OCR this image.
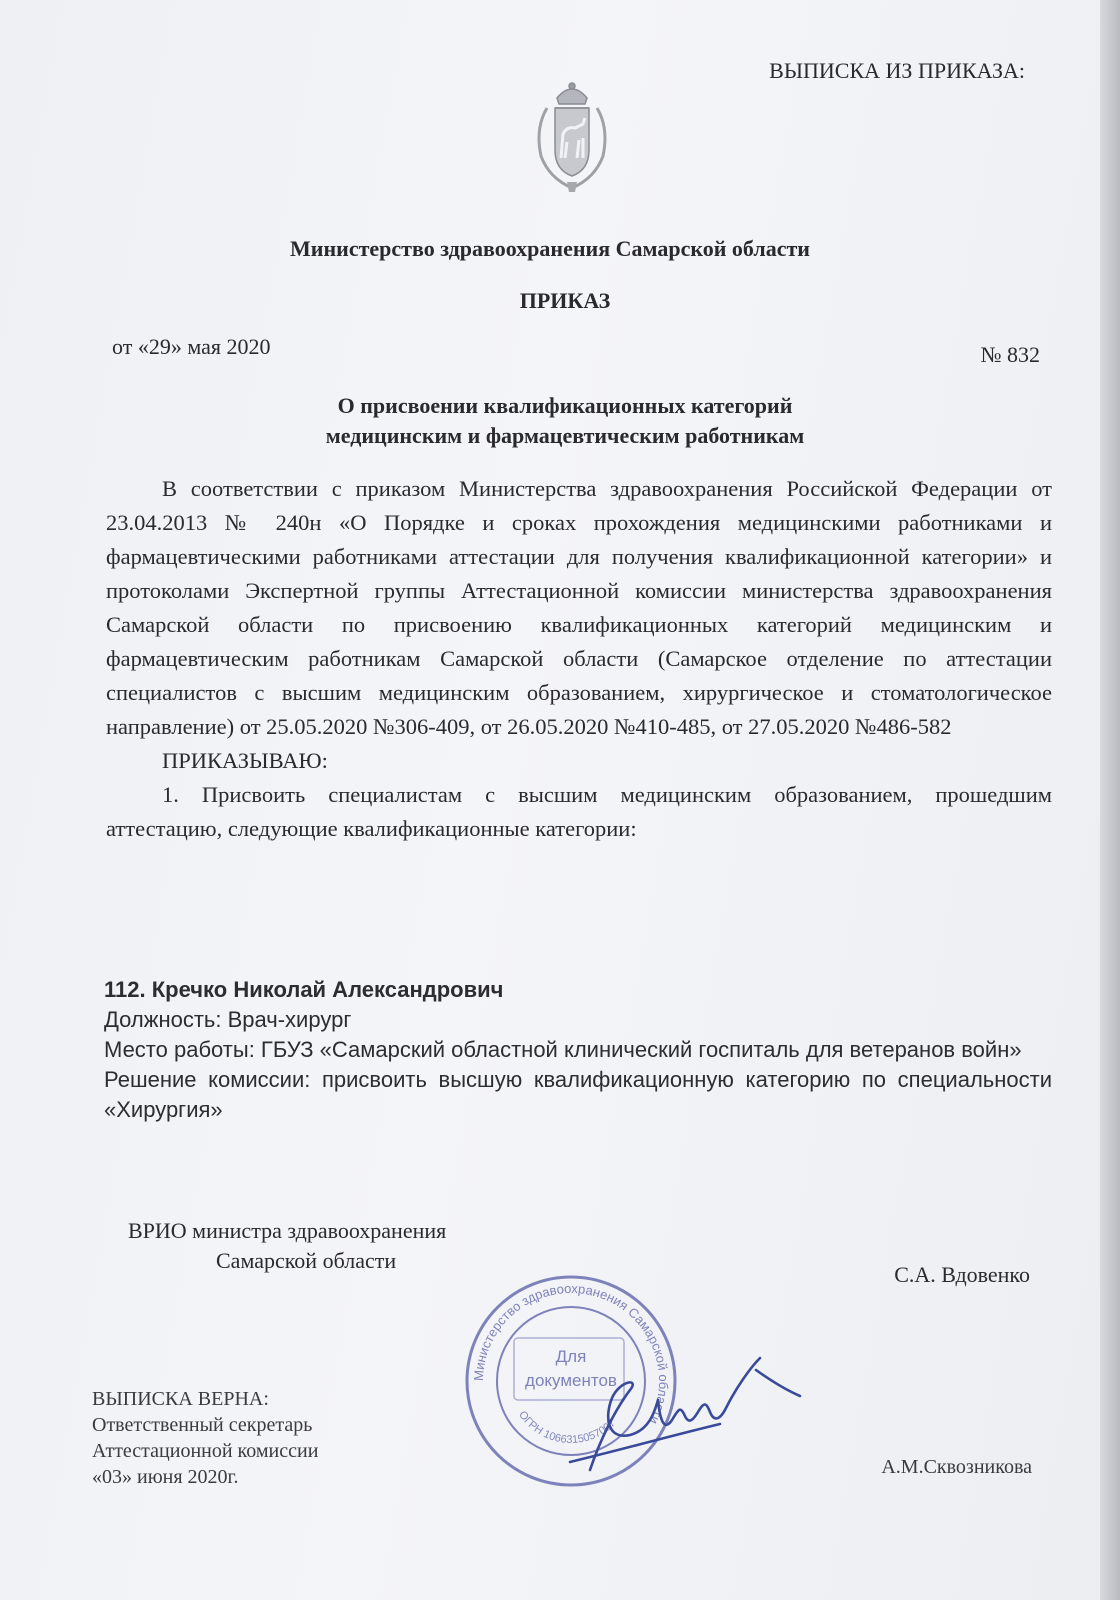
ВЫПИСКА ИЗ ПРИКАЗА:
Министерство здравоохранения Самарской области
ПРИКАЗ
от «29» мая 2020	№ 832
О присвоении квалификационных категорий
медицинским и фармацевтическим работникам

В соответствии с приказом Министерства здравоохранения Российской Федерации от 23.04.2013 № 240н «О Порядке и сроках прохождения медицинскими работниками и фармацевтическими работниками аттестации для получения квалификационной категории» и протоколами Экспертной группы Аттестационной комиссии министерства здравоохранения Самарской области по присвоению квалификационных категорий медицинским и фармацевтическим работникам Самарской области (Самарское отделение по аттестации специалистов с высшим медицинским образованием, хирургическое и стоматологическое направление) от 25.05.2020 №306-409, от 26.05.2020 №410-485, от 27.05.2020 №486-582

ПРИКАЗЫВАЮ:

1. Присвоить специалистам с высшим медицинским образованием, прошедшим аттестацию, следующие квалификационные категории:

112. Кречко Николай Александрович
Должность: Врач-хирург
Место работы: ГБУЗ «Самарский областной клинический госпиталь для ветеранов войн»
Решение комиссии: присвоить высшую квалификационную категорию по специальности «Хирургия»
ВРИО министра здравоохранения
Самарской области
С.А. Вдовенко
Министерство здравоохранения Самарской области
Для
документов
ОГРН 1066315057007
ВЫПИСКА ВЕРНА:
Ответственный секретарь
Аттестационной комиссии
«03» июня 2020г.	А.М.Сквозникова
